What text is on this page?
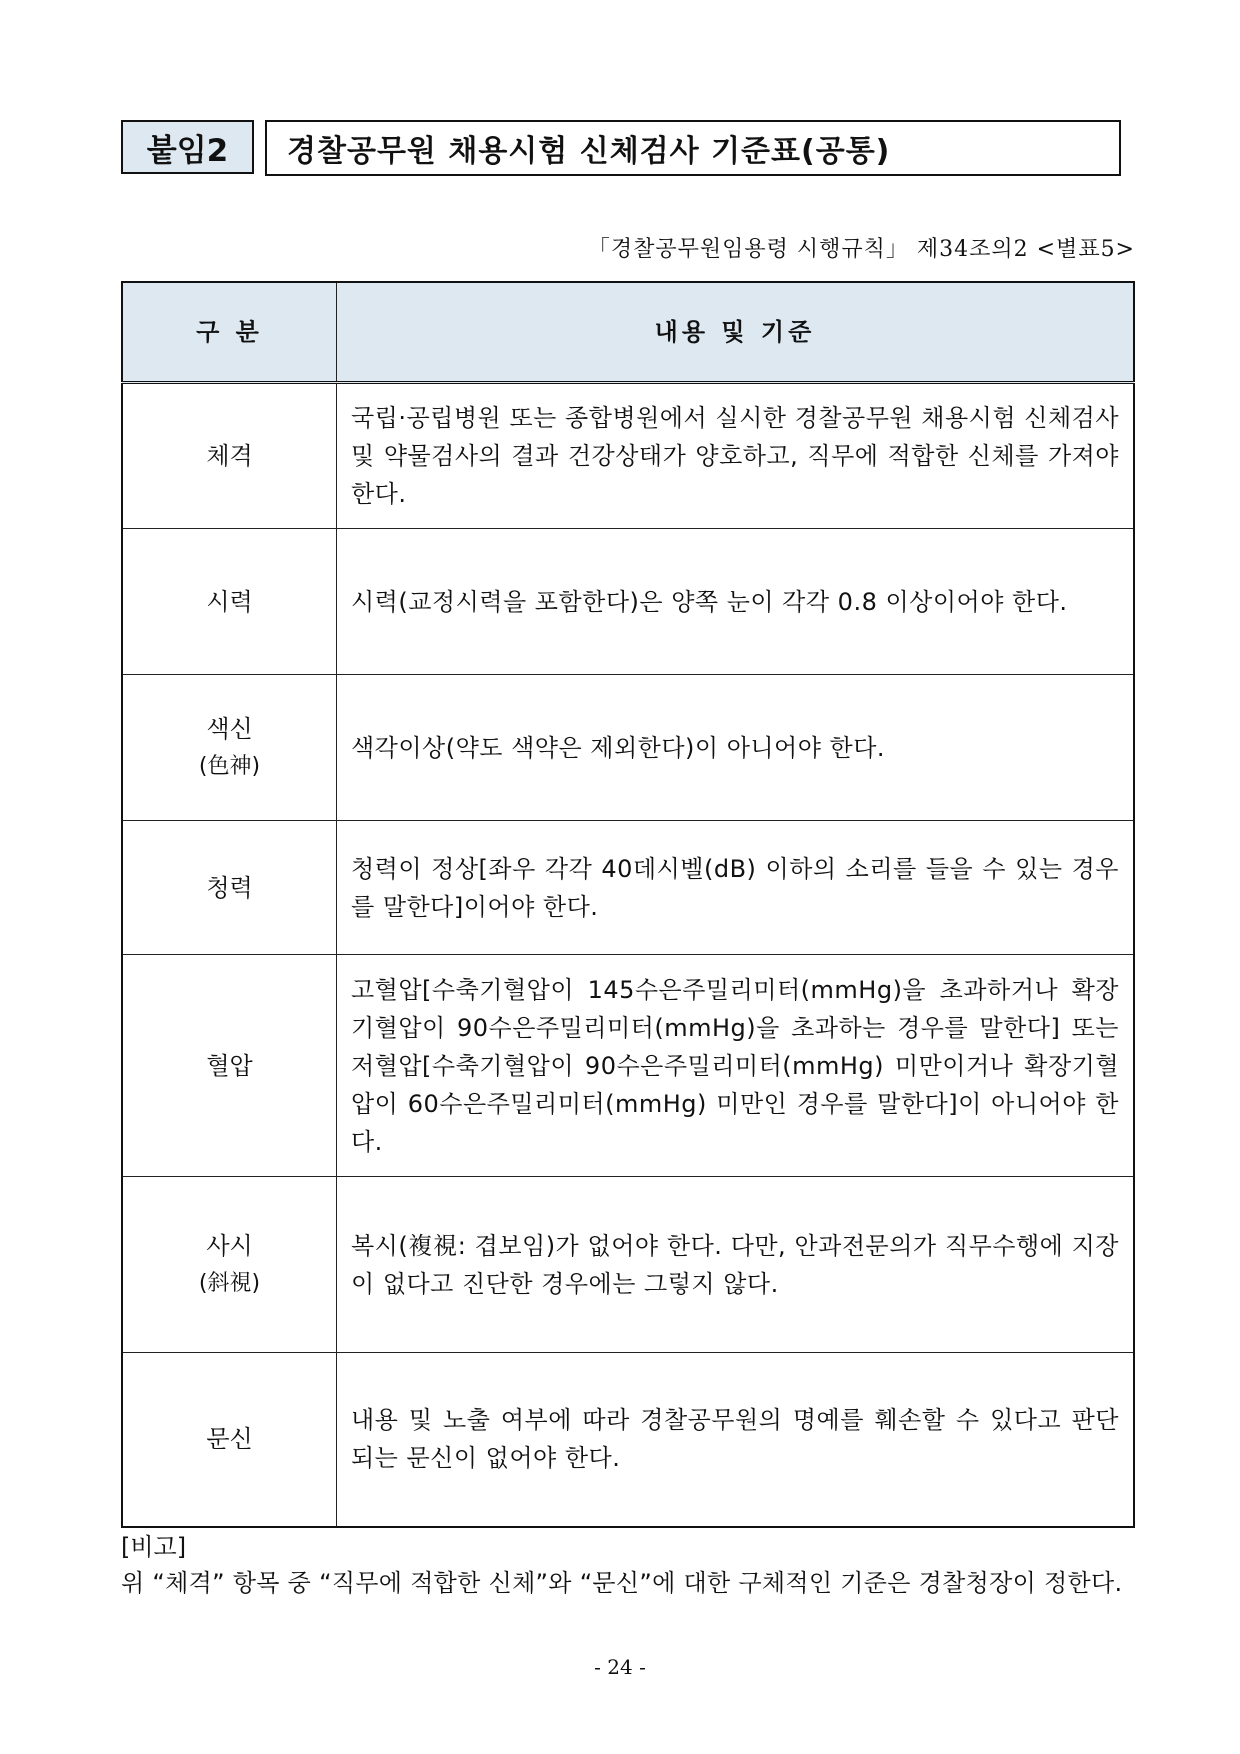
붙임2	경찰공무원 채용시험 신체검사 기준표(공통)
「경찰공무원임용령 시행규칙」 제34조의2 <별표5>
구 분	내용 및 기준
체격	국립·공립병원 또는 종합병원에서 실시한 경찰공무원 채용시험 신체검사 및 약물검사의 결과 건강상태가 양호하고, 직무에 적합한 신체를 가져야 한다.
시력	시력(교정시력을 포함한다)은 양쪽 눈이 각각 0.8 이상이어야 한다.
색신
(色神)	색각이상(약도 색약은 제외한다)이 아니어야 한다.
청력	청력이 정상[좌우 각각 40데시벨(dB) 이하의 소리를 들을 수 있는 경우를 말한다]이어야 한다.
혈압	고혈압[수축기혈압이 145수은주밀리미터(mmHg)을 초과하거나 확장기혈압이 90수은주밀리미터(mmHg)을 초과하는 경우를 말한다] 또는 저혈압[수축기혈압이 90수은주밀리미터(mmHg) 미만이거나 확장기혈압이 60수은주밀리미터(mmHg) 미만인 경우를 말한다]이 아니어야 한다.
사시
(斜視)	복시(複視: 겹보임)가 없어야 한다. 다만, 안과전문의가 직무수행에 지장이 없다고 진단한 경우에는 그렇지 않다.
문신	내용 및 노출 여부에 따라 경찰공무원의 명예를 훼손할 수 있다고 판단되는 문신이 없어야 한다.
[비고]
위 “체격” 항목 중 “직무에 적합한 신체”와 “문신”에 대한 구체적인 기준은 경찰청장이 정한다.
- 24 -
